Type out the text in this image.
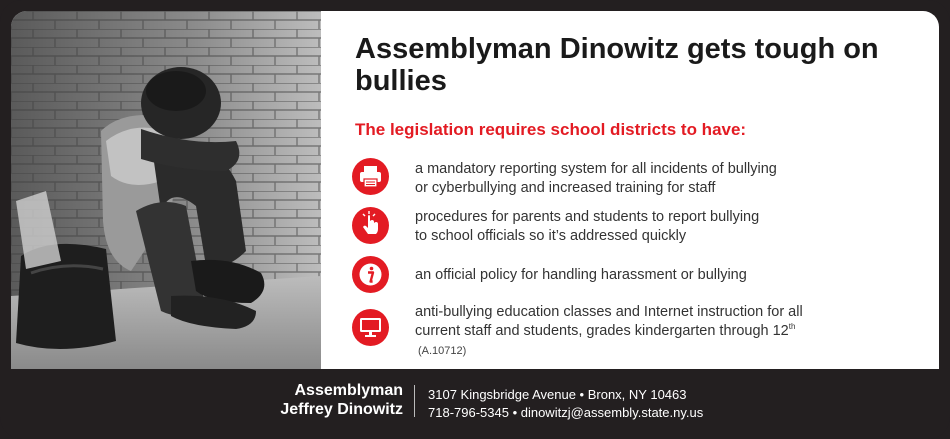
Assemblyman Dinowitz gets tough on bullies
The legislation requires school districts to have:
a mandatory reporting system for all incidents of bullying
or cyberbullying and increased training for staff
procedures for parents and students to report bullying
to school officials so it’s addressed quickly
an official policy for handling harassment or bullying
anti-bullying education classes and Internet instruction for all
current staff and students, grades kindergarten through 12th
(A.10712)
Assemblyman
Jeffrey Dinowitz
3107 Kingsbridge Avenue • Bronx, NY 10463
718-796-5345 • dinowitzj@assembly.state.ny.us
